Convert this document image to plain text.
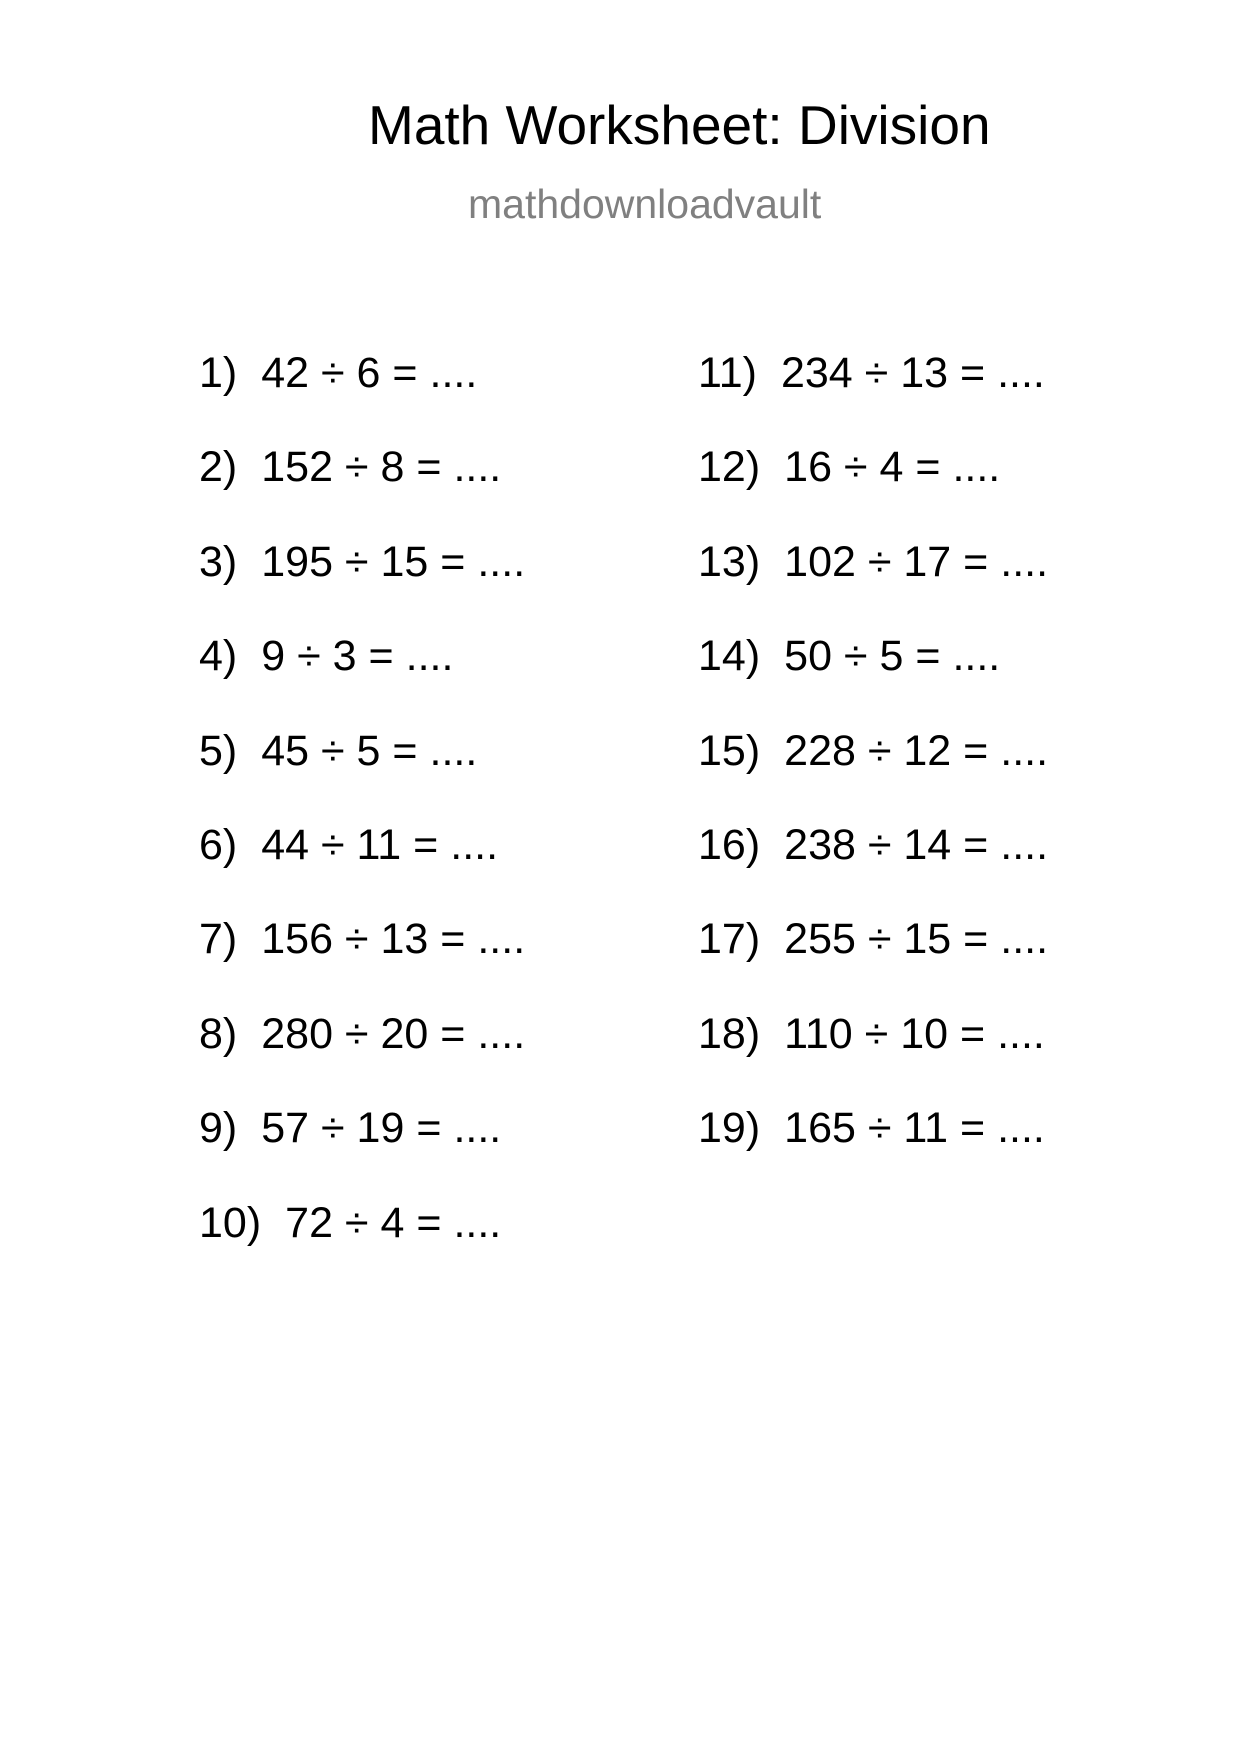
Math Worksheet: Division
mathdownloadvault
1) 42 ÷ 6 = ....
2) 152 ÷ 8 = ....
3) 195 ÷ 15 = ....
4) 9 ÷ 3 = ....
5) 45 ÷ 5 = ....
6) 44 ÷ 11 = ....
7) 156 ÷ 13 = ....
8) 280 ÷ 20 = ....
9) 57 ÷ 19 = ....
10) 72 ÷ 4 = ....
11) 234 ÷ 13 = ....
12) 16 ÷ 4 = ....
13) 102 ÷ 17 = ....
14) 50 ÷ 5 = ....
15) 228 ÷ 12 = ....
16) 238 ÷ 14 = ....
17) 255 ÷ 15 = ....
18) 110 ÷ 10 = ....
19) 165 ÷ 11 = ....
